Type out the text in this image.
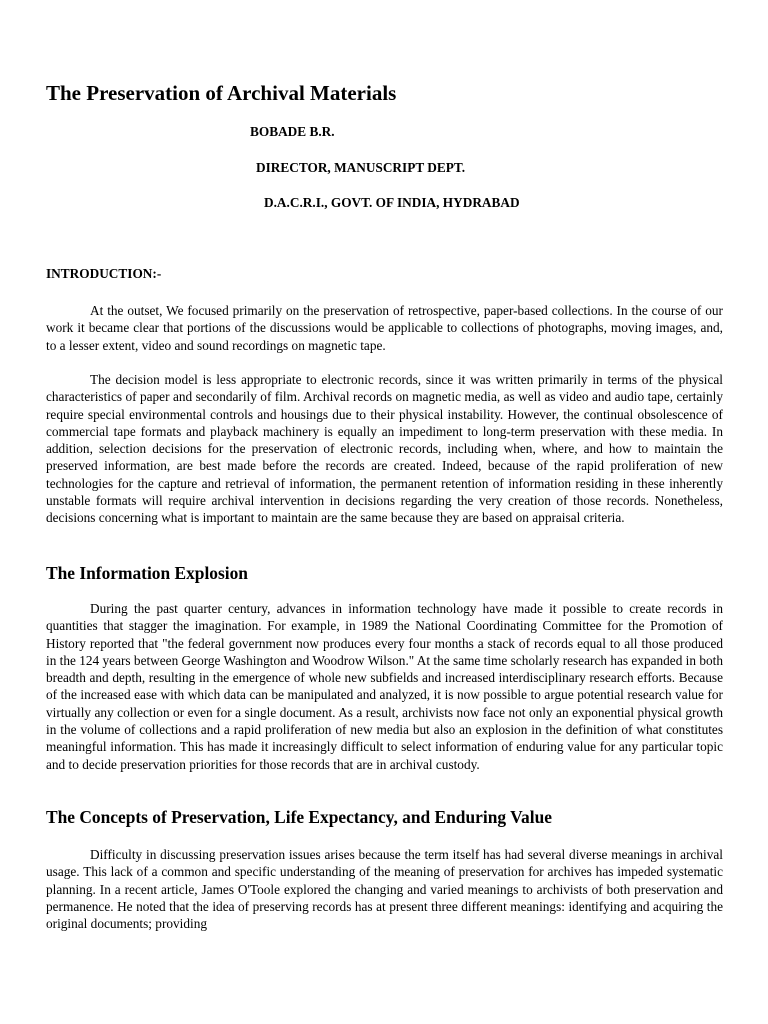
The Preservation of Archival Materials

BOBADE B.R.

DIRECTOR, MANUSCRIPT DEPT.

D.A.C.R.I., GOVT. OF INDIA, HYDRABAD

INTRODUCTION:-

At the outset, We focused primarily on the preservation of retrospective, paper-based collections. In the course of our work it became clear that portions of the discussions would be applicable to collections of photographs, moving images, and, to a lesser extent, video and sound recordings on magnetic tape.

The decision model is less appropriate to electronic records, since it was written primarily in terms of the physical characteristics of paper and secondarily of film. Archival records on magnetic media, as well as video and audio tape, certainly require special environmental controls and housings due to their physical instability. However, the continual obsolescence of commercial tape formats and playback machinery is equally an impediment to long-term preservation with these media. In addition, selection decisions for the preservation of electronic records, including when, where, and how to maintain the preserved information, are best made before the records are created. Indeed, because of the rapid proliferation of new technologies for the capture and retrieval of information, the permanent retention of information residing in these inherently unstable formats will require archival intervention in decisions regarding the very creation of those records. Nonetheless, decisions concerning what is important to maintain are the same because they are based on appraisal criteria.

The Information Explosion

During the past quarter century, advances in information technology have made it possible to create records in quantities that stagger the imagination. For example, in 1989 the National Coordinating Committee for the Promotion of History reported that "the federal government now produces every four months a stack of records equal to all those produced in the 124 years between George Washington and Woodrow Wilson." At the same time scholarly research has expanded in both breadth and depth, resulting in the emergence of whole new subfields and increased interdisciplinary research efforts. Because of the increased ease with which data can be manipulated and analyzed, it is now possible to argue potential research value for virtually any collection or even for a single document. As a result, archivists now face not only an exponential physical growth in the volume of collections and a rapid proliferation of new media but also an explosion in the definition of what constitutes meaningful information. This has made it increasingly difficult to select information of enduring value for any particular topic and to decide preservation priorities for those records that are in archival custody.

The Concepts of Preservation, Life Expectancy, and Enduring Value

Difficulty in discussing preservation issues arises because the term itself has had several diverse meanings in archival usage. This lack of a common and specific understanding of the meaning of preservation for archives has impeded systematic planning. In a recent article, James O'Toole explored the changing and varied meanings to archivists of both preservation and permanence. He noted that the idea of preserving records has at present three different meanings: identifying and acquiring the original documents; providing
